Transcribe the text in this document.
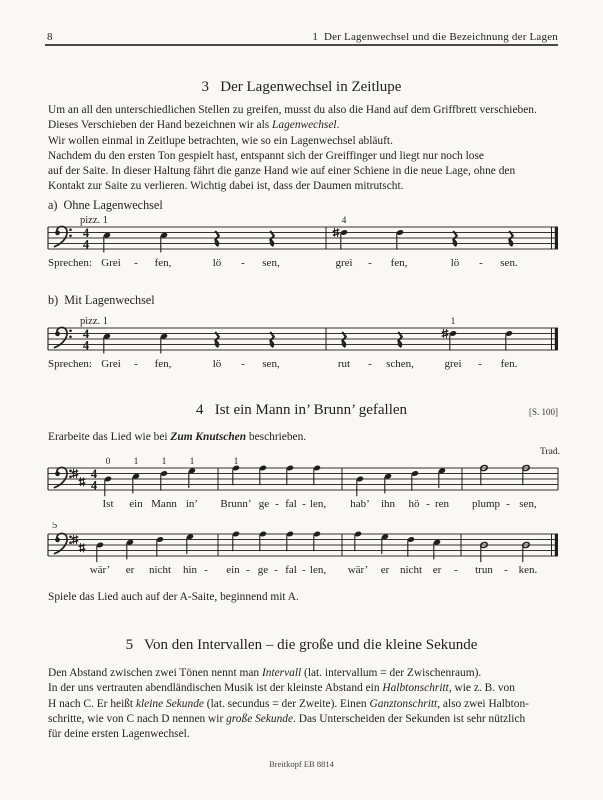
8	1  Der Lagenwechsel und die Bezeichnung der Lagen
3   Der Lagenwechsel in Zeitlupe
Um an all den unterschiedlichen Stellen zu greifen, musst du also die Hand auf dem Griffbrett verschieben.
Dieses Verschieben der Hand bezeichnen wir als Lagenwechsel.
Wir wollen einmal in Zeitlupe betrachten, wie so ein Lagenwechsel abläuft.
Nachdem du den ersten Ton gespielt hast, entspannt sich der Greiffinger und liegt nur noch lose
auf der Saite. In dieser Haltung fährt die ganze Hand wie auf einer Schiene in die neue Lage, ohne den
Kontakt zur Saite zu verlieren. Wichtig dabei ist, dass der Daumen mitrutscht.
a)  Ohne Lagenwechsel
b)  Mit Lagenwechsel
4   Ist ein Mann in’ Brunn’ gefallen	[S. 100]
Erarbeite das Lied wie bei Zum Knutschen beschrieben.
Trad.
Spiele das Lied auch auf der A-Saite, beginnend mit A.
5   Von den Intervallen – die große und die kleine Sekunde
Den Abstand zwischen zwei Tönen nennt man Intervall (lat. intervallum = der Zwischenraum).
In der uns vertrauten abendländischen Musik ist der kleinste Abstand ein Halbtonschritt, wie z. B. von
H nach C. Er heißt kleine Sekunde (lat. secundus = der Zweite). Einen Ganztonschritt, also zwei Halbton-
schritte, wie von C nach D nennen wir große Sekunde. Das Unterscheiden der Sekunden ist sehr nützlich
für deine ersten Lagenwechsel.
Breitkopf EB 8814
4
4
pizz. 1	4
Sprechen: Grei - fen,	lö - sen,	grei - fen,	lö - sen.
4
4
pizz. 1	1
Sprechen: Grei - fen,	lö - sen,	rut - schen,	grei - fen.
4
4
0 1 1 1	1
Ist ein Mann in’ Brunn’ ge - fal - len, hab’ ihn hö - ren plump - sen,
5
wär’ er nicht hin - ein - ge - fal - len, wär’ er nicht er - trun - ken.
